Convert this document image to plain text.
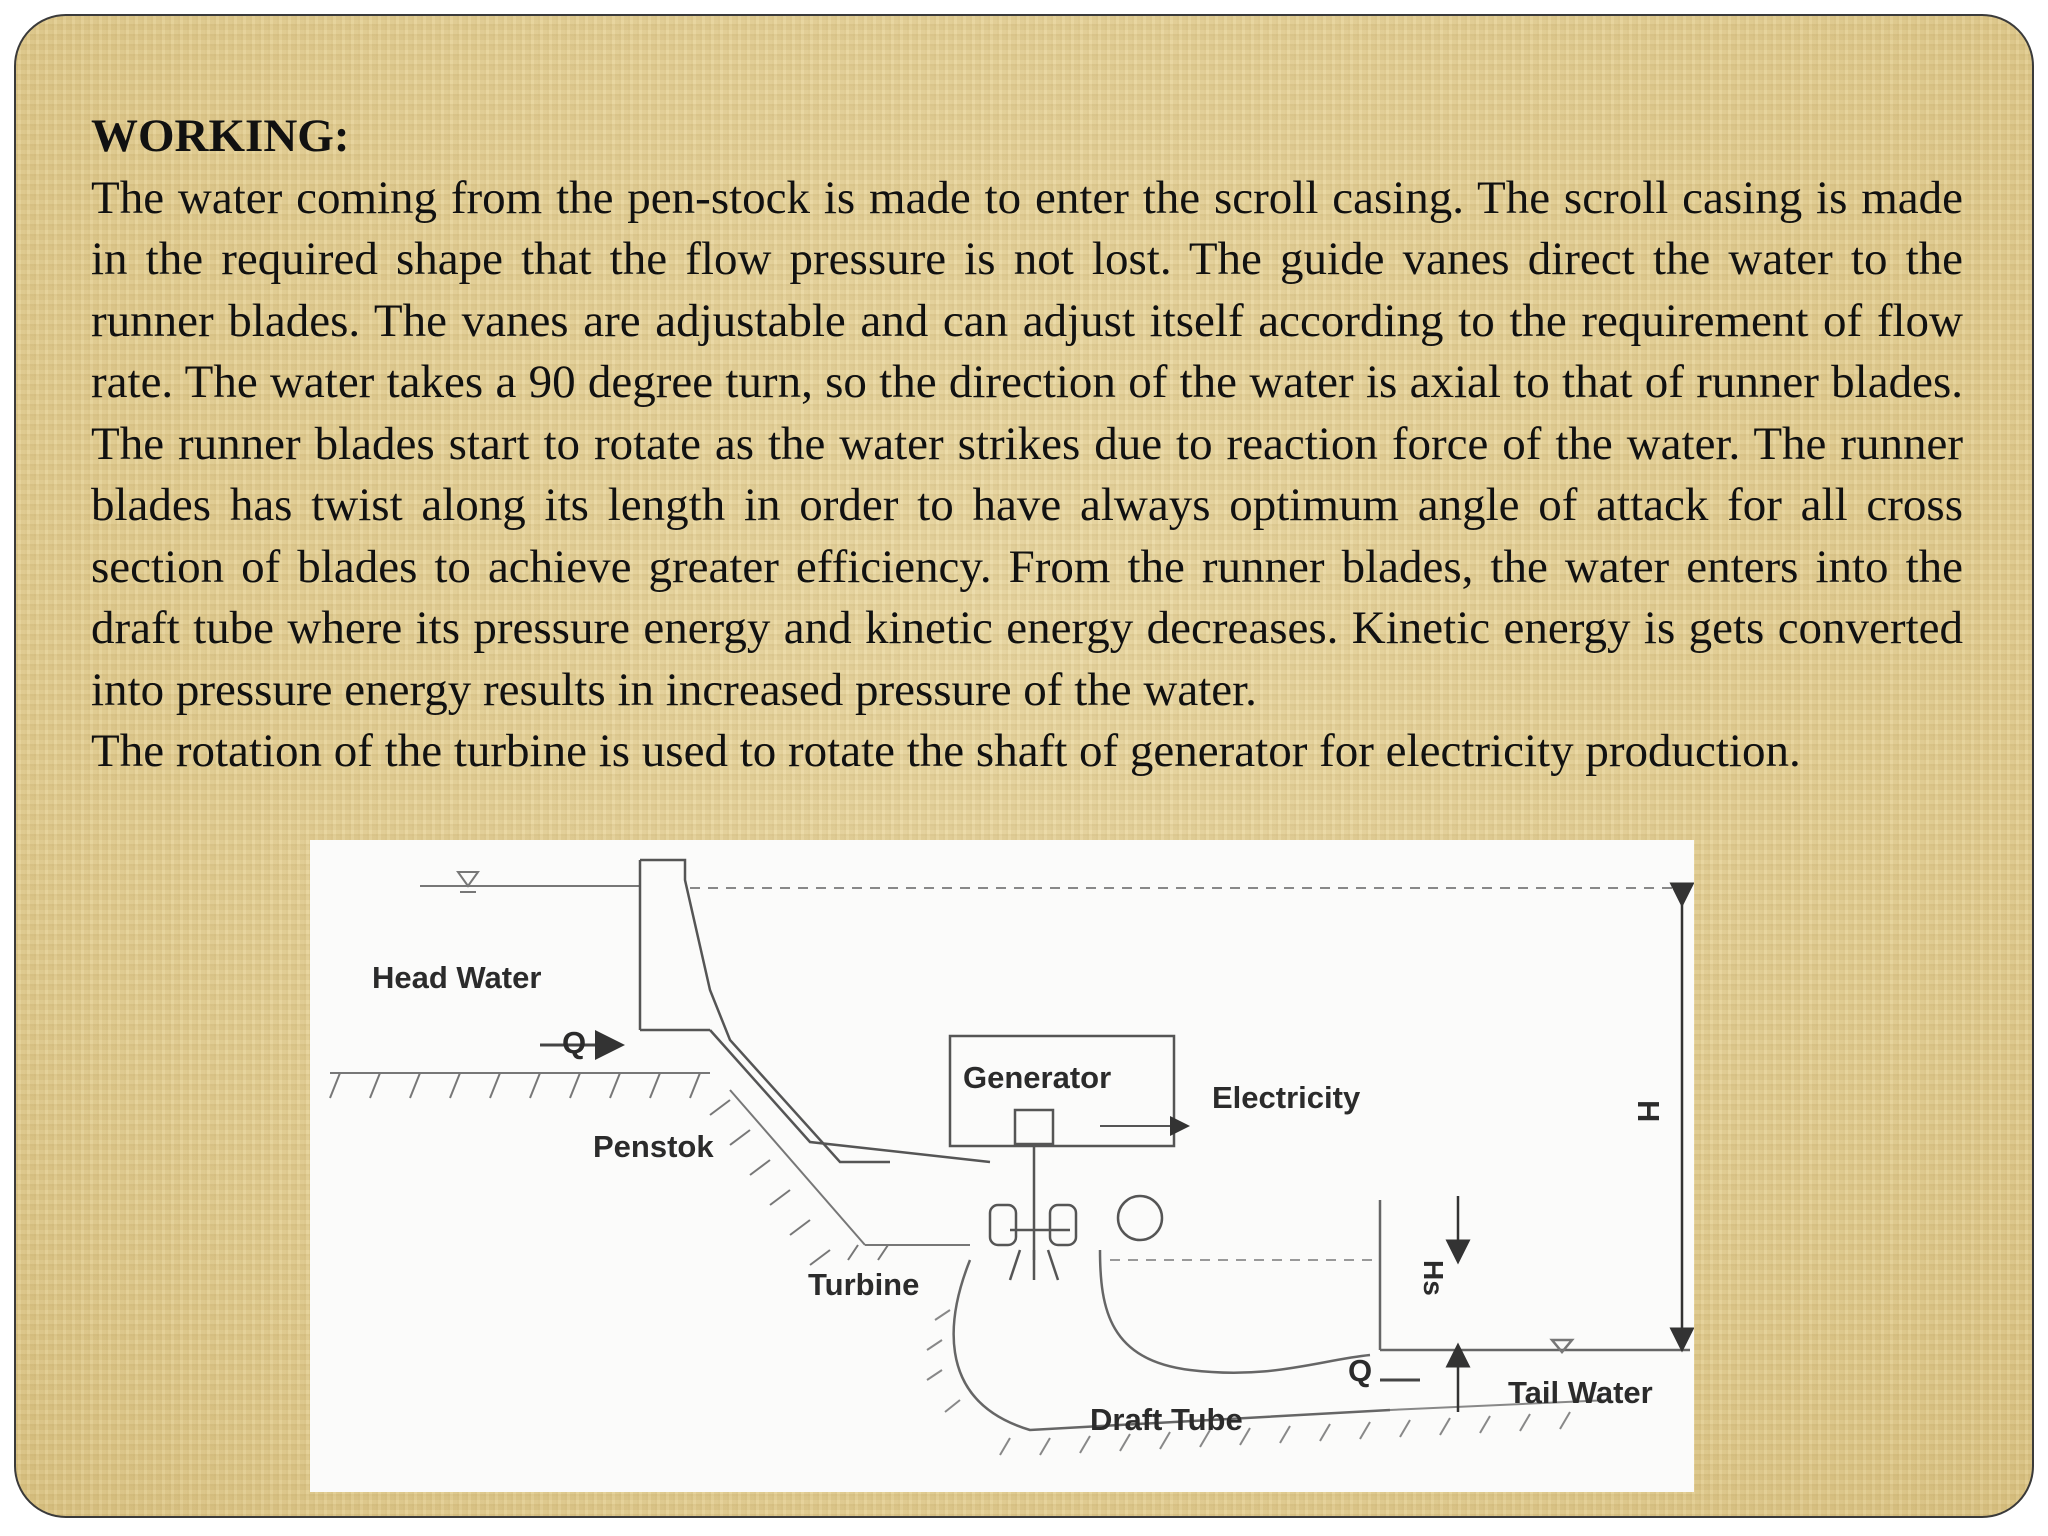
WORKING:

The water coming from the pen-stock is made to enter the scroll casing. The scroll casing is made in the required shape that the flow pressure is not lost. The guide vanes direct the water to the runner blades. The vanes are adjustable and can adjust itself according to the requirement of flow rate. The water takes a 90 degree turn, so the direction of the water is axial to that of runner blades. The runner blades start to rotate as the water strikes due to reaction force of the water. The runner blades has twist along its length in order to have always optimum angle of attack for all cross section of blades to achieve greater efficiency. From the runner blades, the water enters into the draft tube where its pressure energy and kinetic energy decreases. Kinetic energy is gets converted into pressure energy results in increased pressure of the water.

The rotation of the turbine is used to rotate the shaft of generator for electricity production.

Head Water
Q
Penstok
Generator
Electricity
Turbine
Draft Tube
Q
Tail Water
H
Hs
